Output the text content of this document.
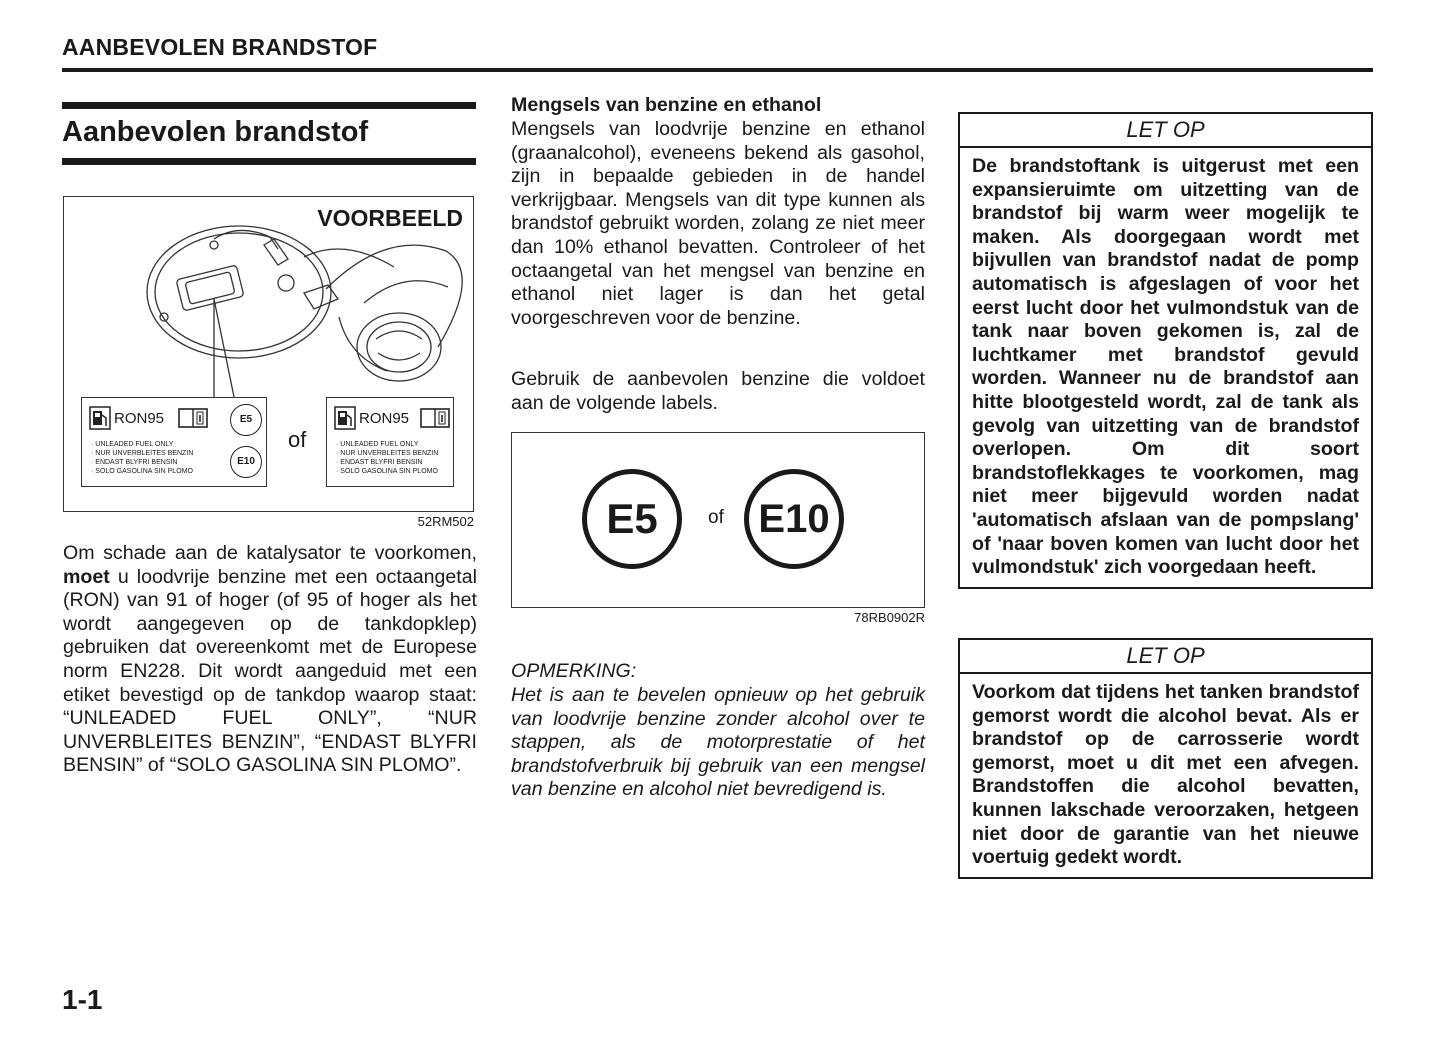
AANBEVOLEN BRANDSTOF
Aanbevolen brandstof
VOORBEELD
RON95	E5
E10
· UNLEADED FUEL ONLY
· NUR UNVERBLEITES BENZIN
· ENDAST BLYFRI BENSIN
· SOLO GASOLINA SIN PLOMO
of
RON95
· UNLEADED FUEL ONLY
· NUR UNVERBLEITES BENZIN
· ENDAST BLYFRI BENSIN
· SOLO GASOLINA SIN PLOMO
52RM502
Om schade aan de katalysator te voorkomen, moet u loodvrije benzine met een octaangetal (RON) van 91 of hoger (of 95 of hoger als het wordt aangegeven op de tankdopklep) gebruiken dat overeenkomt met de Europese norm EN228. Dit wordt aangeduid met een etiket bevestigd op de tankdop waarop staat: “UNLEADED FUEL ONLY”, “NUR UNVERBLEITES BENZIN”, “ENDAST BLYFRI BENSIN” of “SOLO GASOLINA SIN PLOMO”.
Mengsels van benzine en ethanol
Mengsels van loodvrije benzine en ethanol (graanalcohol), eveneens bekend als gasohol, zijn in bepaalde gebieden in de handel verkrijgbaar. Mengsels van dit type kunnen als brandstof gebruikt worden, zolang ze niet meer dan 10% ethanol bevatten. Controleer of het octaangetal van het mengsel van benzine en ethanol niet lager is dan het getal voorgeschreven voor de benzine.
Gebruik de aanbevolen benzine die voldoet aan de volgende labels.
E5	of E10
78RB0902R
OPMERKING:
Het is aan te bevelen opnieuw op het gebruik van loodvrije benzine zonder alcohol over te stappen, als de motorprestatie of het brandstofverbruik bij gebruik van een mengsel van benzine en alcohol niet bevredigend is.
LET OP
De brandstoftank is uitgerust met een expansieruimte om uitzetting van de brandstof bij warm weer mogelijk te maken. Als doorgegaan wordt met bijvullen van brandstof nadat de pomp automatisch is afgeslagen of voor het eerst lucht door het vulmondstuk van de tank naar boven gekomen is, zal de luchtkamer met brandstof gevuld worden. Wanneer nu de brandstof aan hitte blootgesteld wordt, zal de tank als gevolg van uitzetting van de brandstof overlopen. Om dit soort brandstoflekkages te voorkomen, mag niet meer bijgevuld worden nadat 'automatisch afslaan van de pompslang' of 'naar boven komen van lucht door het vulmondstuk' zich voorgedaan heeft.
LET OP
Voorkom dat tijdens het tanken brandstof gemorst wordt die alcohol bevat. Als er brandstof op de carrosserie wordt gemorst, moet u dit met een afvegen. Brandstoffen die alcohol bevatten, kunnen lakschade veroorzaken, hetgeen niet door de garantie van het nieuwe voertuig gedekt wordt.
1-1
